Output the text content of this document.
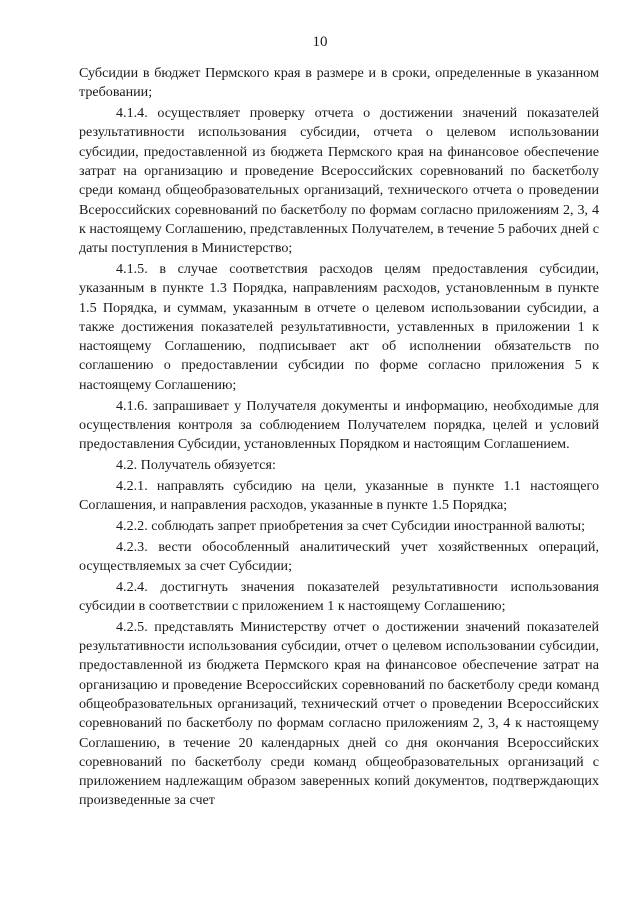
10

Субсидии в бюджет Пермского края в размере и в сроки, определенные в указанном требовании;

4.1.4. осуществляет проверку отчета о достижении значений показателей результативности использования субсидии, отчета о целевом использовании субсидии, предоставленной из бюджета Пермского края на финансовое обеспечение затрат на организацию и проведение Всероссийских соревнований по баскетболу среди команд общеобразовательных организаций, технического отчета о проведении Всероссийских соревнований по баскетболу по формам согласно приложениям 2, 3, 4 к настоящему Соглашению, представленных Получателем, в течение 5 рабочих дней с даты поступления в Министерство;

4.1.5. в случае соответствия расходов целям предоставления субсидии, указанным в пункте 1.3 Порядка, направлениям расходов, установленным в пункте 1.5 Порядка, и суммам, указанным в отчете о целевом использовании субсидии, а также достижения показателей результативности, уставленных в приложении 1 к настоящему Соглашению, подписывает акт об исполнении обязательств по соглашению о предоставлении субсидии по форме согласно приложения 5 к настоящему Соглашению;

4.1.6. запрашивает у Получателя документы и информацию, необходимые для осуществления контроля за соблюдением Получателем порядка, целей и условий предоставления Субсидии, установленных Порядком и настоящим Соглашением.

4.2. Получатель обязуется:

4.2.1. направлять субсидию на цели, указанные в пункте 1.1 настоящего Соглашения, и направления расходов, указанные в пункте 1.5 Порядка;

4.2.2. соблюдать запрет приобретения за счет Субсидии иностранной валюты;

4.2.3. вести обособленный аналитический учет хозяйственных операций, осуществляемых за счет Субсидии;

4.2.4. достигнуть значения показателей результативности использования субсидии в соответствии с приложением 1 к настоящему Соглашению;

4.2.5. представлять Министерству отчет о достижении значений показателей результативности использования субсидии, отчет о целевом использовании субсидии, предоставленной из бюджета Пермского края на финансовое обеспечение затрат на организацию и проведение Всероссийских соревнований по баскетболу среди команд общеобразовательных организаций, технический отчет о проведении Всероссийских соревнований по баскетболу по формам согласно приложениям 2, 3, 4 к настоящему Соглашению, в течение 20 календарных дней со дня окончания Всероссийских соревнований по баскетболу среди команд общеобразовательных организаций с приложением надлежащим образом заверенных копий документов, подтверждающих произведенные за счет
